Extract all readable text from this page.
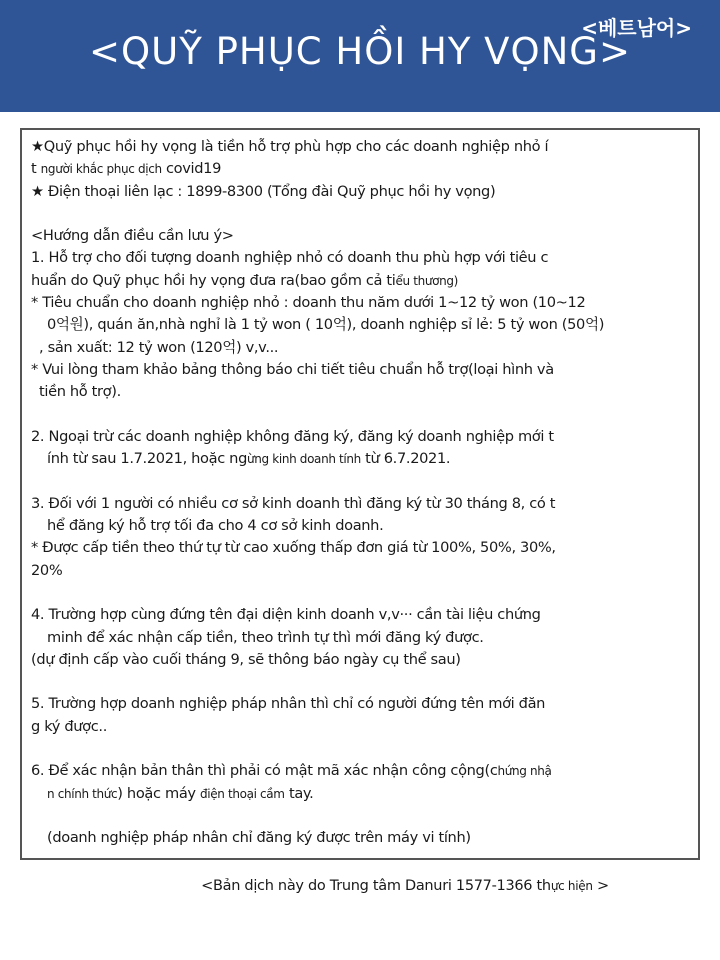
<QUỸ PHỤC HỒI HY VỌNG>
<베트남어>
★Quỹ phục hồi hy vọng là tiền hỗ trợ phù hợp cho các doanh nghiệp nhỏ í
t người khắc phục dịch covid19
★ Điện thoại liên lạc : 1899-8300 (Tổng đài Quỹ phục hồi hy vọng)
<Hướng dẫn điều cần lưu ý>
1. Hỗ trợ cho đối tượng doanh nghiệp nhỏ có doanh thu phù hợp với tiêu c
huẩn do Quỹ phục hồi hy vọng đưa ra(bao gồm cả tiểu thương)
* Tiêu chuẩn cho doanh nghiệp nhỏ : doanh thu năm dưới 1~12 tỷ won (10~12
0억원), quán ăn,nhà nghỉ là 1 tỷ won ( 10억), doanh nghiệp sỉ lẻ: 5 tỷ won (50억)
, sản xuất: 12 tỷ won (120억) v,v...
* Vui lòng tham khảo bảng thông báo chi tiết tiêu chuẩn hỗ trợ(loại hình và
tiền hỗ trợ).
2. Ngoại trừ các doanh nghiệp không đăng ký, đăng ký doanh nghiệp mới t
ính từ sau 1.7.2021, hoặc ngừng kinh doanh tính từ 6.7.2021.
3. Đối với 1 người có nhiều cơ sở kinh doanh thì đăng ký từ 30 tháng 8, có t
hể đăng ký hỗ trợ tối đa cho 4 cơ sở kinh doanh.
* Được cấp tiền theo thứ tự từ cao xuống thấp đơn giá từ 100%, 50%, 30%,
20%
4. Trường hợp cùng đứng tên đại diện kinh doanh v,v··· cần tài liệu chứng
minh để xác nhận cấp tiền, theo trình tự thì mới đăng ký được.
(dự định cấp vào cuối tháng 9, sẽ thông báo ngày cụ thể sau)
5. Trường hợp doanh nghiệp pháp nhân thì chỉ có người đứng tên mới đăn
g ký được..
6. Để xác nhận bản thân thì phải có mật mã xác nhận công cộng(chứng nhậ
n chính thức) hoặc máy điện thoại cầm tay.
(doanh nghiệp pháp nhân chỉ đăng ký được trên máy vi tính)
<Bản dịch này do Trung tâm Danuri 1577-1366 thực hiện >
